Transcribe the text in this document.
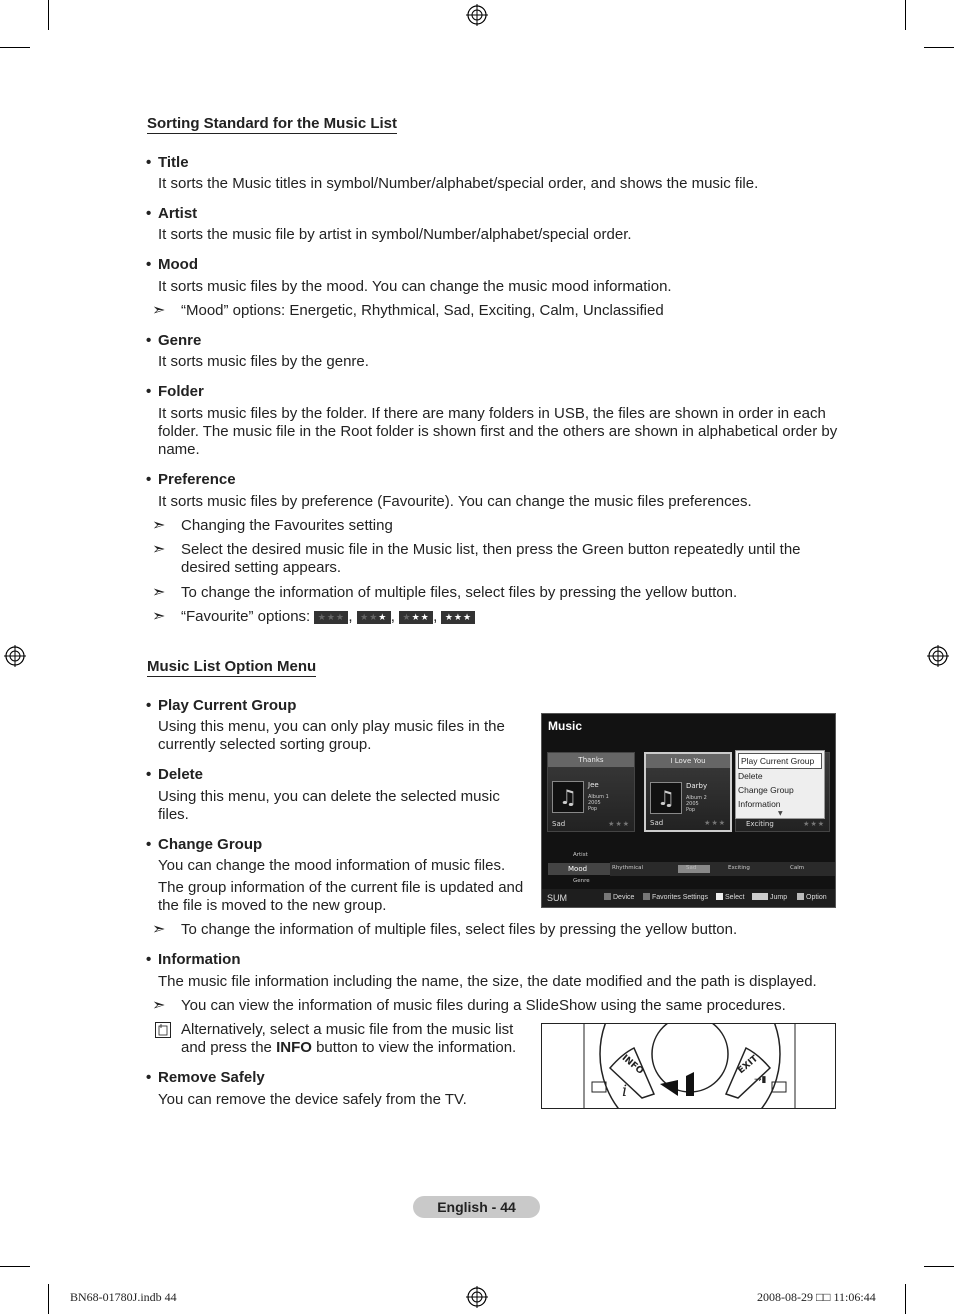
Sorting Standard for the Music List
• Title
It sorts the Music titles in symbol/Number/alphabet/special order, and shows the music file.
• Artist
It sorts the music file by artist in symbol/Number/alphabet/special order.
• Mood
It sorts music files by the mood. You can change the music mood information.
➣ “Mood” options: Energetic, Rhythmical, Sad, Exciting, Calm, Unclassified
• Genre
It sorts music files by the genre.
• Folder
It sorts music files by the folder. If there are many folders in USB, the files are shown in order in each
folder. The music file in the Root folder is shown first and the others are shown in alphabetical order by
name.
• Preference
It sorts music files by preference (Favourite). You can change the music files preferences.
➣ Changing the Favourites setting
➣ Select the desired music file in the Music list, then press the Green button repeatedly until the
desired setting appears.
➣ To change the information of multiple files, select files by pressing the yellow button.
➣ “Favourite” options: ★★★ , ★★★ , ★★★ , ★★★
Music List Option Menu
• Play Current Group
Using this menu, you can only play music files in the
currently selected sorting group.
• Delete
Using this menu, you can delete the selected music
files.
• Change Group
You can change the mood information of music files.
The group information of the current file is updated and
the file is moved to the new group.
➣ To change the information of multiple files, select files by pressing the yellow button.
• Information
The music file information including the name, the size, the date modified and the path is displayed.
➣ You can view the information of music files during a SlideShow using the same procedures.
Alternatively, select a music file from the music list
and press the INFO button to view the information.
• Remove Safely
You can remove the device safely from the TV.
Music
Thanks
♫	Jee
Album 1
2005
Pop
Sad	★★★
I Love You
♫	Darby
Album 2
2005
Pop
Sad	★★★	Exciting	★★★
Play Current Group
Delete
Change Group
Information
▼
Artist
Mood
Genre
Rhythmical	Sad	Exciting	Calm
SUM	Device	Favorites Settings	Select	Jump	Option
i
→▮
INFO	EXIT
English - 44
BN68-01780J.indb 44	2008-08-29 □□ 11:06:44
